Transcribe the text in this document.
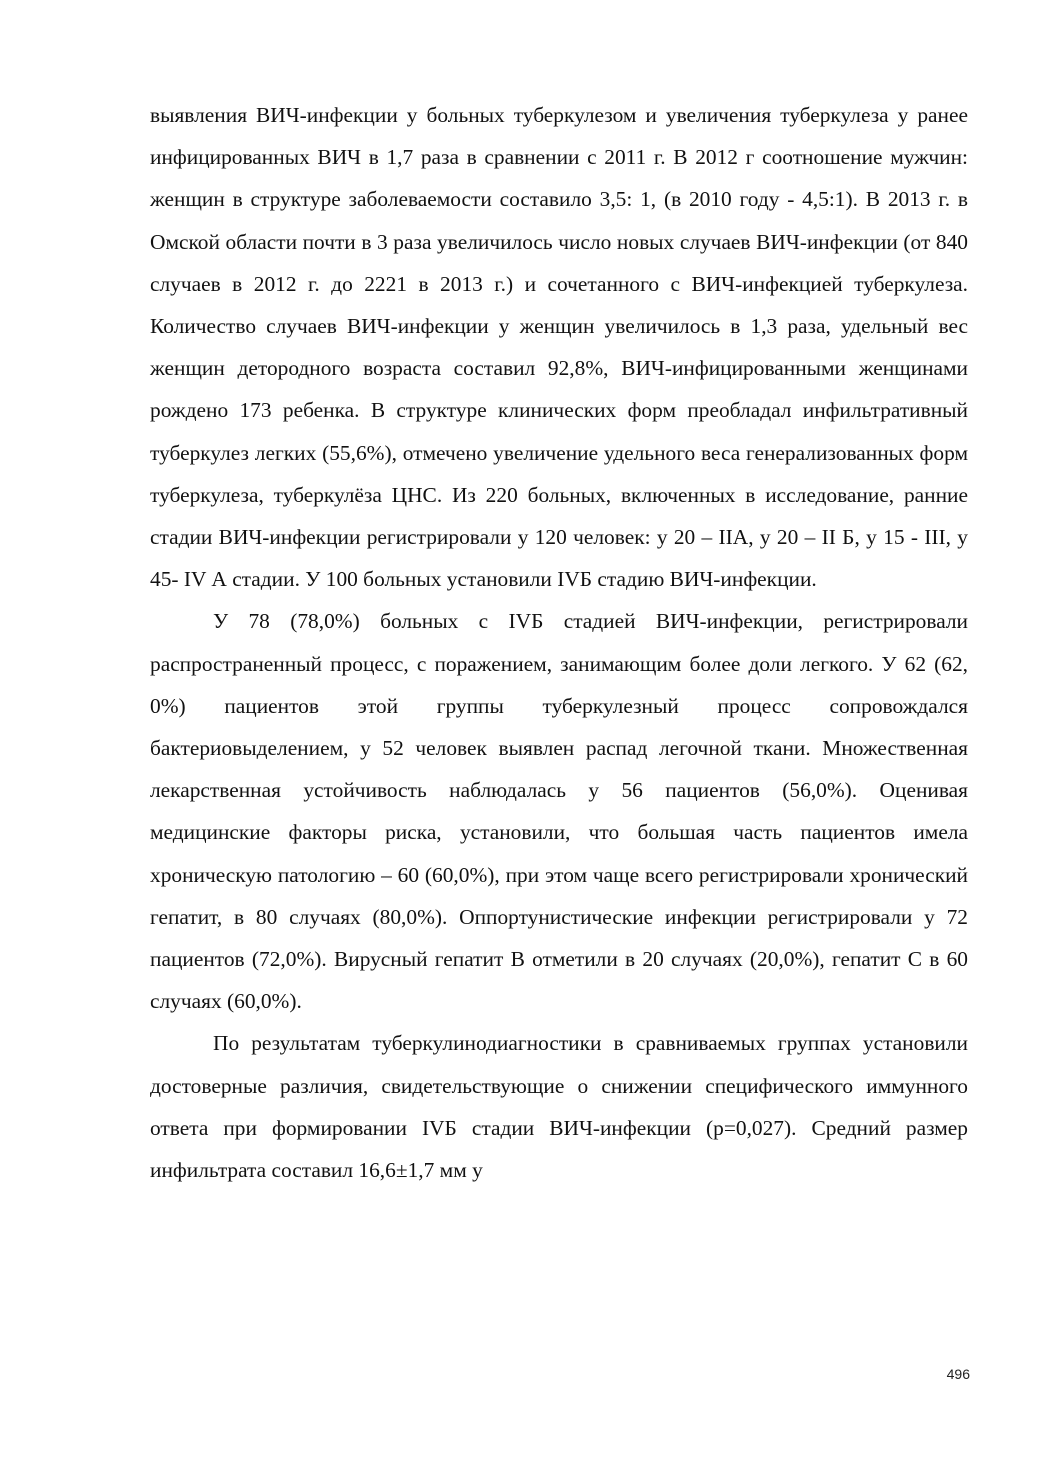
выявления ВИЧ-инфекции у больных туберкулезом и увеличения туберкулеза у ранее инфицированных ВИЧ в 1,7 раза в сравнении с 2011 г. В 2012 г соотношение мужчин: женщин в структуре заболеваемости составило 3,5: 1, (в 2010 году - 4,5:1). В 2013 г. в Омской области почти в 3 раза увеличилось число новых случаев ВИЧ-инфекции (от 840 случаев в 2012 г. до 2221 в 2013 г.) и сочетанного с ВИЧ-инфекцией туберкулеза. Количество случаев ВИЧ-инфекции у женщин увеличилось в 1,3 раза, удельный вес женщин детородного возраста составил 92,8%, ВИЧ-инфицированными женщинами рождено 173 ребенка. В структуре клинических форм преобладал инфильтративный туберкулез легких (55,6%), отмечено увеличение удельного веса генерализованных форм туберкулеза, туберкулёза ЦНС. Из 220 больных, включенных в исследование, ранние стадии ВИЧ-инфекции регистрировали у 120 человек: у 20 – IIА, у 20 – II Б, у 15 - III, у 45- IV А стадии. У 100 больных установили IVБ стадию ВИЧ-инфекции.

У 78 (78,0%) больных с IVБ стадией ВИЧ-инфекции, регистрировали распространенный процесс, с поражением, занимающим более доли легкого. У 62 (62, 0%) пациентов этой группы туберкулезный процесс сопровождался бактериовыделением, у 52 человек выявлен распад легочной ткани. Множественная лекарственная устойчивость наблюдалась у 56 пациентов (56,0%). Оценивая медицинские факторы риска, установили, что большая часть пациентов имела хроническую патологию – 60 (60,0%), при этом чаще всего регистрировали хронический гепатит, в 80 случаях (80,0%). Оппортунистические инфекции регистрировали у 72 пациентов (72,0%). Вирусный гепатит В отметили в 20 случаях (20,0%), гепатит С в 60 случаях (60,0%).

По результатам туберкулинодиагностики в сравниваемых группах установили достоверные различия, свидетельствующие о снижении специфического иммунного ответа при формировании IVБ стадии ВИЧ-инфекции (р=0,027). Средний размер инфильтрата составил 16,6±1,7 мм у

496
